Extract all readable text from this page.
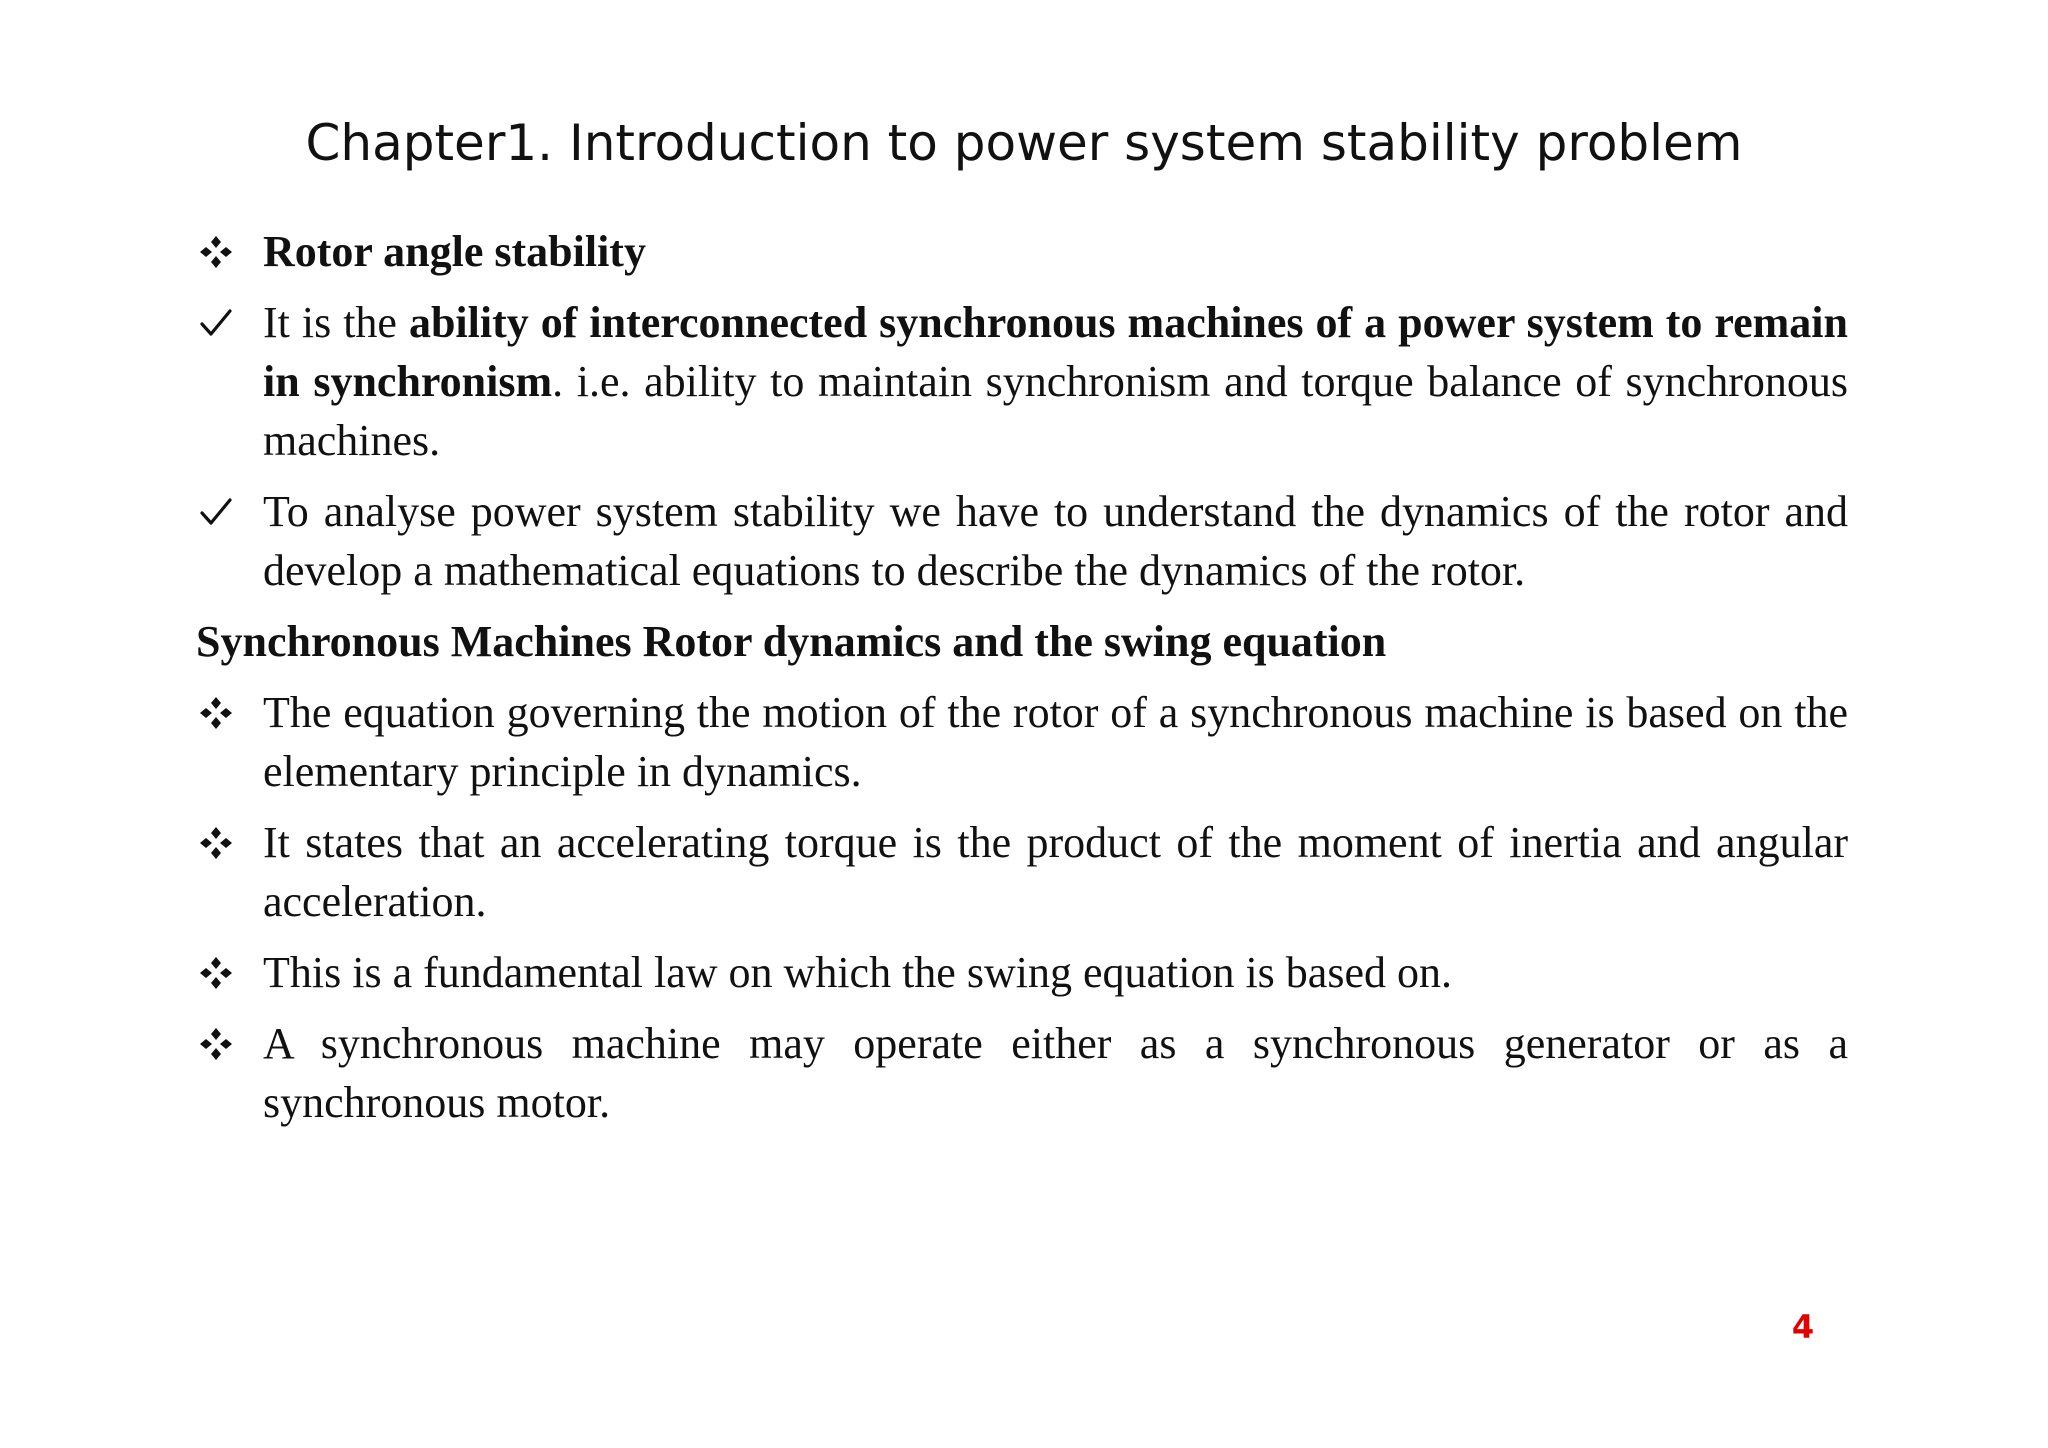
Chapter1. Introduction to power system stability problem
Rotor angle stability
It is the ability of interconnected synchronous machines of a power system to remain in synchronism. i.e. ability to maintain synchronism and torque balance of synchronous machines.
To analyse power system stability we have to understand the dynamics of the rotor and develop a mathematical equations to describe the dynamics of the rotor.
Synchronous Machines Rotor dynamics and the swing equation
The equation governing the motion of the rotor of a synchronous machine is based on the elementary principle in dynamics.
It states that an accelerating torque is the product of the moment of inertia and angular acceleration.
This is a fundamental law on which the swing equation is based on.
A synchronous machine may operate either as a synchronous generator or as a synchronous motor.
4
